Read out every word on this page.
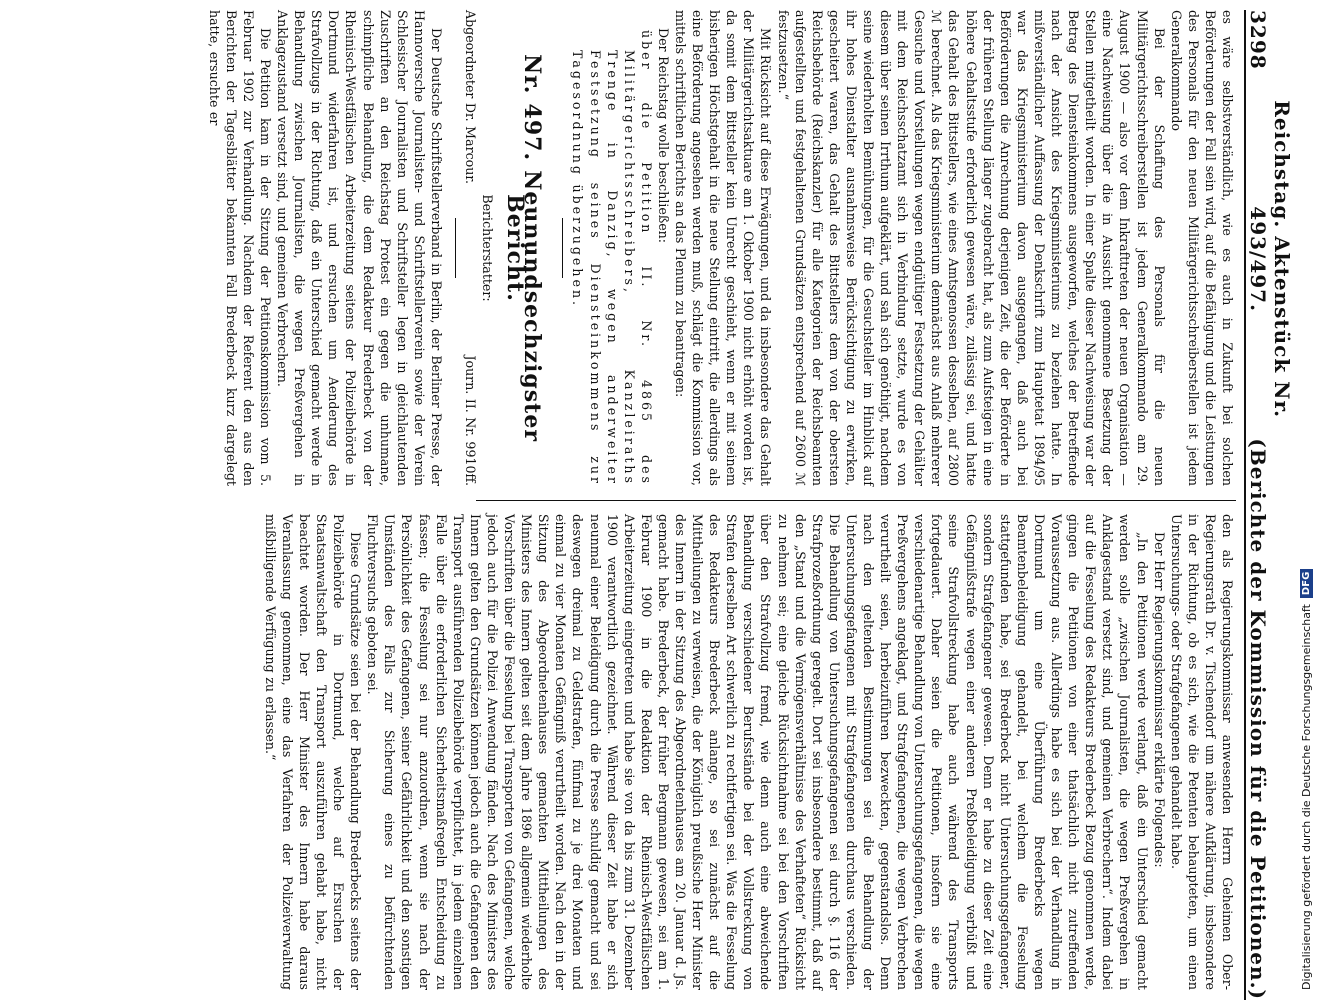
3298
Reichstag. Aktenstück Nr. 493/497.
(Berichte der Kommission für die Petitionen.)

es wäre selbstverständlich, wie es auch in Zukunft bei solchen Beförderungen der Fall sein wird, auf die Befähigung und die Leistungen des Personals für den neuen Militärgerichtsschreiberstellen ist jedem Generalkommando

Bei der Schaffung des Personals für die neuen Militärgerichtsschreiberstellen ist jedem Generalkommando am 29. August 1900 — also vor dem Inkrafttreten der neuen Organisation — eine Nachweisung über die in Aussicht genommene Besetzung der Stellen mitgetheilt worden. In einer Spalte dieser Nachweisung war der Betrag des Diensteinkommens ausgeworfen, welches der Betreffende nach der Ansicht des Kriegsministeriums zu beziehen hatte. In mißverständlicher Auffassung der Denkschrift zum Hauptetat 1894/95 war das Kriegsministerium davon ausgegangen, daß auch bei Beförderungen die Anrechnung derjenigen Zeit, die der Beförderte in der früheren Stellung länger zugebracht hat, als zum Aufsteigen in eine höhere Gehaltsstufe erforderlich gewesen wäre, zulässig sei, und hatte das Gehalt des Bittstellers, wie eines Amtsgenossen desselben, auf 2800 ℳ berechnet. Als das Kriegsministerium demnächst aus Anlaß mehrerer Gesuche und Vorstellungen wegen endgültiger Festsetzung der Gehälter mit dem Reichsschatzamt sich in Verbindung setzte, wurde es von diesem über seinen Irrthum aufgeklärt, und sah sich genöthigt, nachdem seine wiederholten Bemühungen, für die Gesuchsteller im Hinblick auf ihr hohes Dienstalter ausnahmsweise Berücksichtigung zu erwirken, gescheitert waren, das Gehalt des Bittstellers dem von der obersten Reichsbehörde (Reichskanzler) für alle Kategorien der Reichsbeamten aufgestellten und festgehaltenen Grundsätzen entsprechend auf 2600 ℳ festzusetzen.“

Mit Rücksicht auf diese Erwägungen, und da insbesondere das Gehalt der Militärgerichtsaktuare am 1. Oktober 1900 nicht erhöht worden ist, da somit dem Bittsteller kein Unrecht geschieht, wenn er mit seinem bisherigen Höchstgehalt in die neue Stellung eintritt, die allerdings als eine Beförderung angesehen werden muß, schlägt die Kommission vor, mittels schriftlichen Berichts an das Plenum zu beantragen:

Der Reichstag wolle beschließen:

über die Petition II. Nr. 4865 des Militärgerichtsschreibers, Kanzleiraths Trenge in Danzig, wegen anderweiter Festsetzung seines Diensteinkommens zur Tagesordnung überzugehen.

Nr. 497. Neunundsechzigster Bericht.

Berichterstatter:

Abgeordneter Dr. Marcour.
Journ. II. Nr. 9910ff.

Der Deutsche Schriftstellerverband in Berlin, der Berliner Presse, der Hannoversche Journalisten- und Schriftstellerverein sowie der Verein Schlesischer Journalisten und Schriftsteller legen in gleichlautenden Zuschriften an den Reichstag Protest ein gegen die unhumane, schimpfliche Behandlung, die dem Redakteur Brederbeck von der Rheinisch-Westfälischen Arbeiterzeitung seitens der Polizeibehörde in Dortmund widerfahren ist, und ersuchen um Aenderung des Strafvollzugs in der Richtung, daß ein Unterschied gemacht werde in Behandlung zwischen Journalisten, die wegen Preßvergehen in Anklagezustand versetzt sind, und gemeinen Verbrechern.

Die Petition kam in der Sitzung der Petitionskommission vom 5. Februar 1902 zur Verhandlung. Nachdem der Referent den aus den Berichten der Tagesblätter bekannten Fall Brederbeck kurz dargelegt hatte, ersuchte er

den als Regierungskommissar anwesenden Herrn Geheimen Ober-Regierungsrath Dr. v. Tischendorf um nähere Aufklärung, insbesondere in der Richtung, ob es sich, wie die Petenten behaupteten, um einen Untersuchungs- oder Strafgefangenen gehandelt habe.

Der Herr Regierungskommissar erklärte Folgendes:

„In den Petitionen werde verlangt, daß ein Unterschied gemacht werden solle „zwischen Journalisten, die wegen Preßvergehen in Anklagestand versetzt sind, und gemeinen Verbrechern“. Indem dabei auf die Fesselung des Redakteurs Brederbeck Bezug genommen werde, gingen die Petitionen von einer thatsächlich nicht zutreffenden Voraussetzung aus. Allerdings habe es sich bei der Verhandlung in Dortmund um eine Überführung Brederbecks wegen Beamtenbeleidigung gehandelt, bei welchem die Fesselung stattgefunden habe, sei Brederbeck nicht Untersuchungsgefangener, sondern Strafgefangener gewesen. Denn er habe zu dieser Zeit eine Gefängnißstrafe wegen einer anderen Preßbeleidigung verbüßt und seine Strafvollstreckung habe auch während des Transports fortgedauert. Daher seien die Petitionen, insofern sie eine verschiedenartige Behandlung von Untersuchungsgefangenen, die wegen Preßvergehens angeklagt, und Strafgefangenen, die wegen Verbrechen verurtheilt seien, herbeizuführen bezweckten, gegenstandslos. Denn nach den geltenden Bestimmungen sei die Behandlung der Untersuchungsgefangenen mit Strafgefangenen durchaus verschieden. Die Behandlung von Untersuchungsgefangenen sei durch §. 116 der Strafprozeßordnung geregelt. Dort sei insbesondere bestimmt, daß auf den „Stand und die Vermögensverhältnisse des Verhafteten“ Rücksicht zu nehmen sei; eine gleiche Rücksichtnahme sei bei den Vorschriften über den Strafvollzug fremd, wie denn auch eine abweichende Behandlung verschiedener Berufsstände bei der Vollstreckung von Strafen derselben Art schwerlich zu rechtfertigen sei. Was die Fesselung des Redakteurs Brederbeck anlange, so sei zunächst auf die Mittheilungen zu verweisen, die der Königlich preußische Herr Minister des Innern in der Sitzung des Abgeordnetenhauses am 20. Januar d. Js. gemacht habe. Brederbeck, der früher Bergmann gewesen, sei am 1. Februar 1900 in die Redaktion der Rheinisch-Westfälischen Arbeiterzeitung eingetreten und habe sie von da bis zum 31. Dezember 1900 verantwortlich gezeichnet. Während dieser Zeit habe er sich neunmal einer Beleidigung durch die Presse schuldig gemacht und sei deswegen dreimal zu Geldstrafen, fünfmal zu je drei Monaten und einmal zu vier Monaten Gefängniß verurtheilt worden. Nach den in der Sitzung des Abgeordnetenhauses gemachten Mittheilungen des Ministers des Innern gelten seit dem Jahre 1896 allgemein wiederholte Vorschriften über die Fesselung bei Transporten von Gefangenen, welche jedoch auch für die Polizei Anwendung fänden. Nach des Ministers des Innern gelten den Grundsätzen können jedoch auch die Gefangenen den Transport ausführenden Polizeibehörde verpflichtet, in jedem einzelnen Falle über die erforderlichen Sicherheitsmaßregeln Entscheidung zu fassen; die Fesselung sei nur anzuordnen, wenn sie nach der Persönlichkeit des Gefangenen, seiner Gefährlichkeit und den sonstigen Umständen des Falls zur Sicherung eines zu befürchtenden Fluchtversuchs geboten sei.

Diese Grundsätze seien bei der Behandlung Brederbecks seitens der Polizeibehörde in Dortmund, welche auf Ersuchen der Staatsanwaltschaft den Transport auszuführen gehabt habe, nicht beachtet worden. Der Herr Minister des Innern habe daraus Veranlassung genommen, eine das Verfahren der Polizeiverwaltung mißbilligende Verfügung zu erlassen.“	Digitalisierung gefördert durch die Deutsche Forschungsgemeinschaft
DFG
